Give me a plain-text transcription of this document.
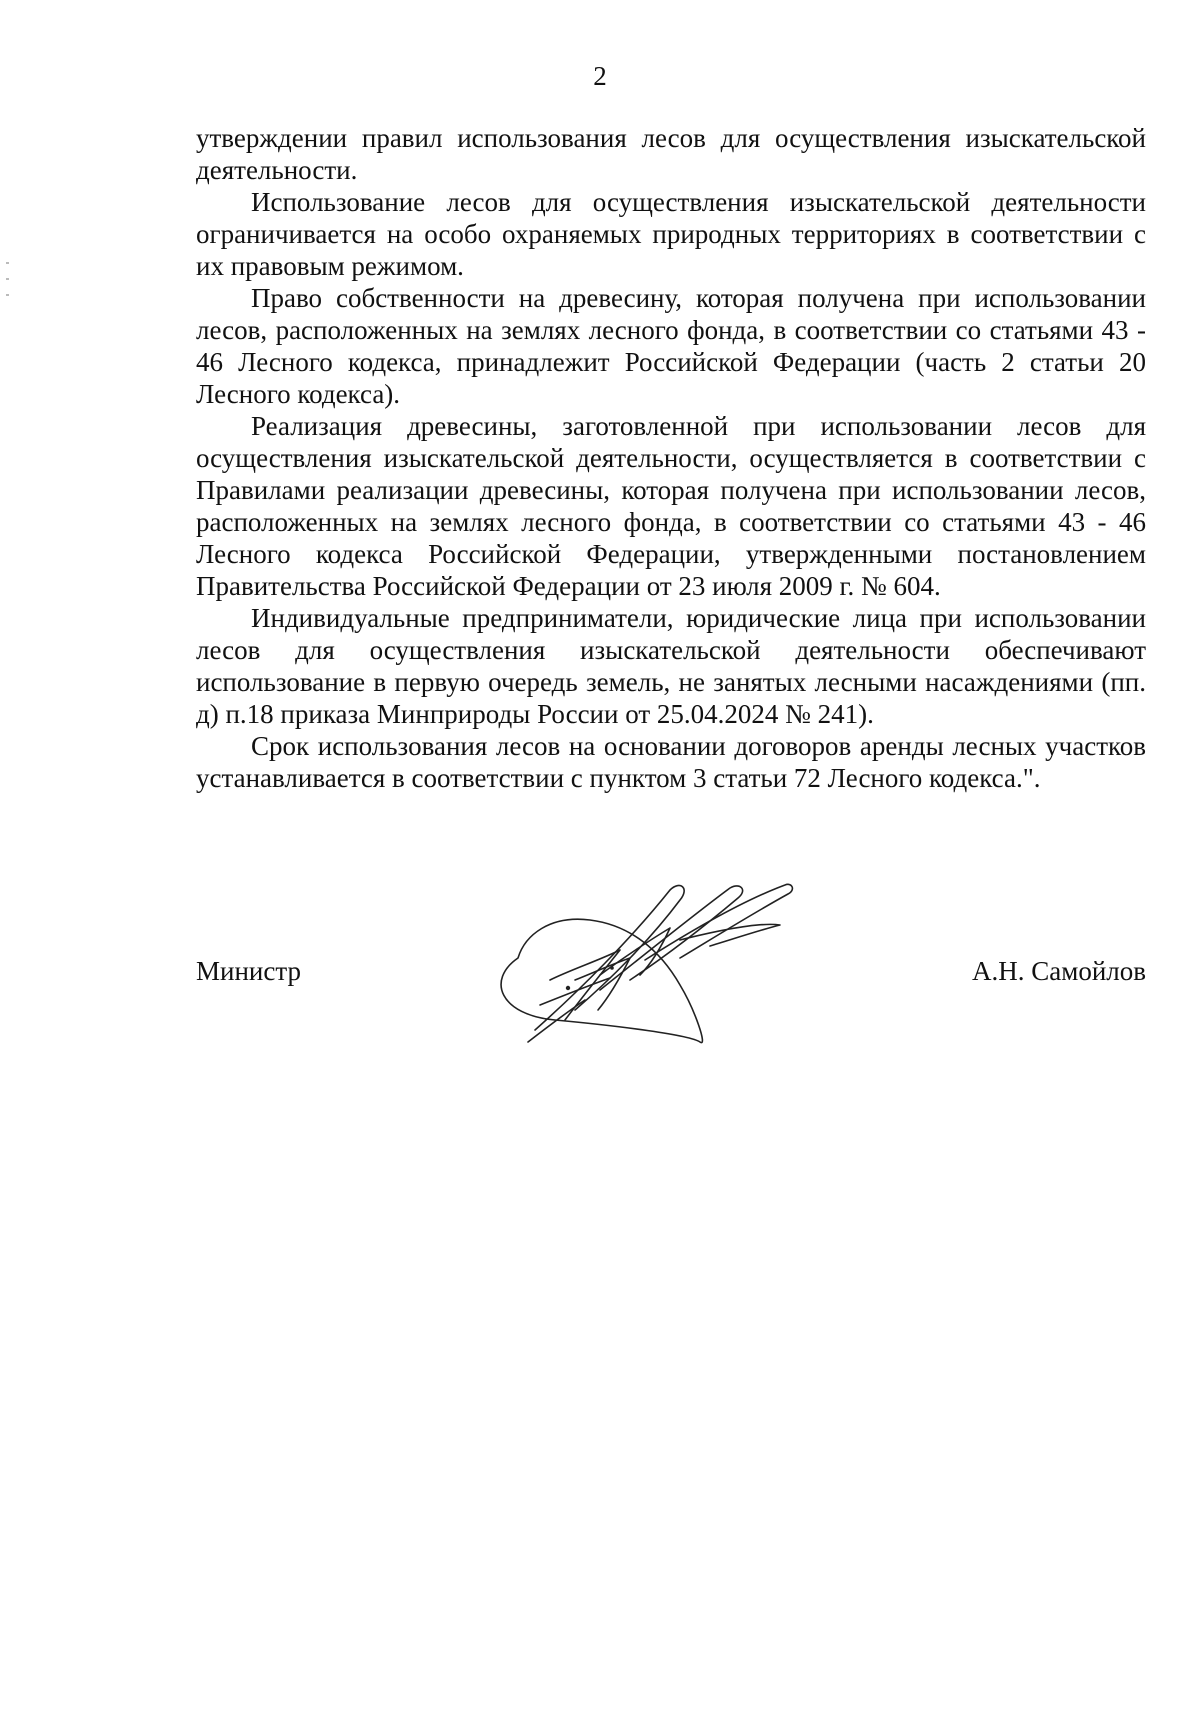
2

утверждении правил использования лесов для осуществления изыскательской деятельности.

Использование лесов для осуществления изыскательской деятельности ограничивается на особо охраняемых природных территориях в соответствии с их правовым режимом.

Право собственности на древесину, которая получена при использовании лесов, расположенных на землях лесного фонда, в соответствии со статьями 43 - 46 Лесного кодекса, принадлежит Российской Федерации (часть 2 статьи 20 Лесного кодекса).

Реализация древесины, заготовленной при использовании лесов для осуществления изыскательской деятельности, осуществляется в соответствии с Правилами реализации древесины, которая получена при использовании лесов, расположенных на землях лесного фонда, в соответствии со статьями 43 - 46 Лесного кодекса Российской Федерации, утвержденными постановлением Правительства Российской Федерации от 23 июля 2009 г. № 604.

Индивидуальные предприниматели, юридические лица при использовании лесов для осуществления изыскательской деятельности обеспечивают использование в первую очередь земель, не занятых лесными насаждениями (пп. д) п.18 приказа Минприроды России от 25.04.2024 № 241).

Срок использования лесов на основании договоров аренды лесных участков устанавливается в соответствии с пунктом 3 статьи 72 Лесного кодекса.".

Министр	А.Н. Самойлов
